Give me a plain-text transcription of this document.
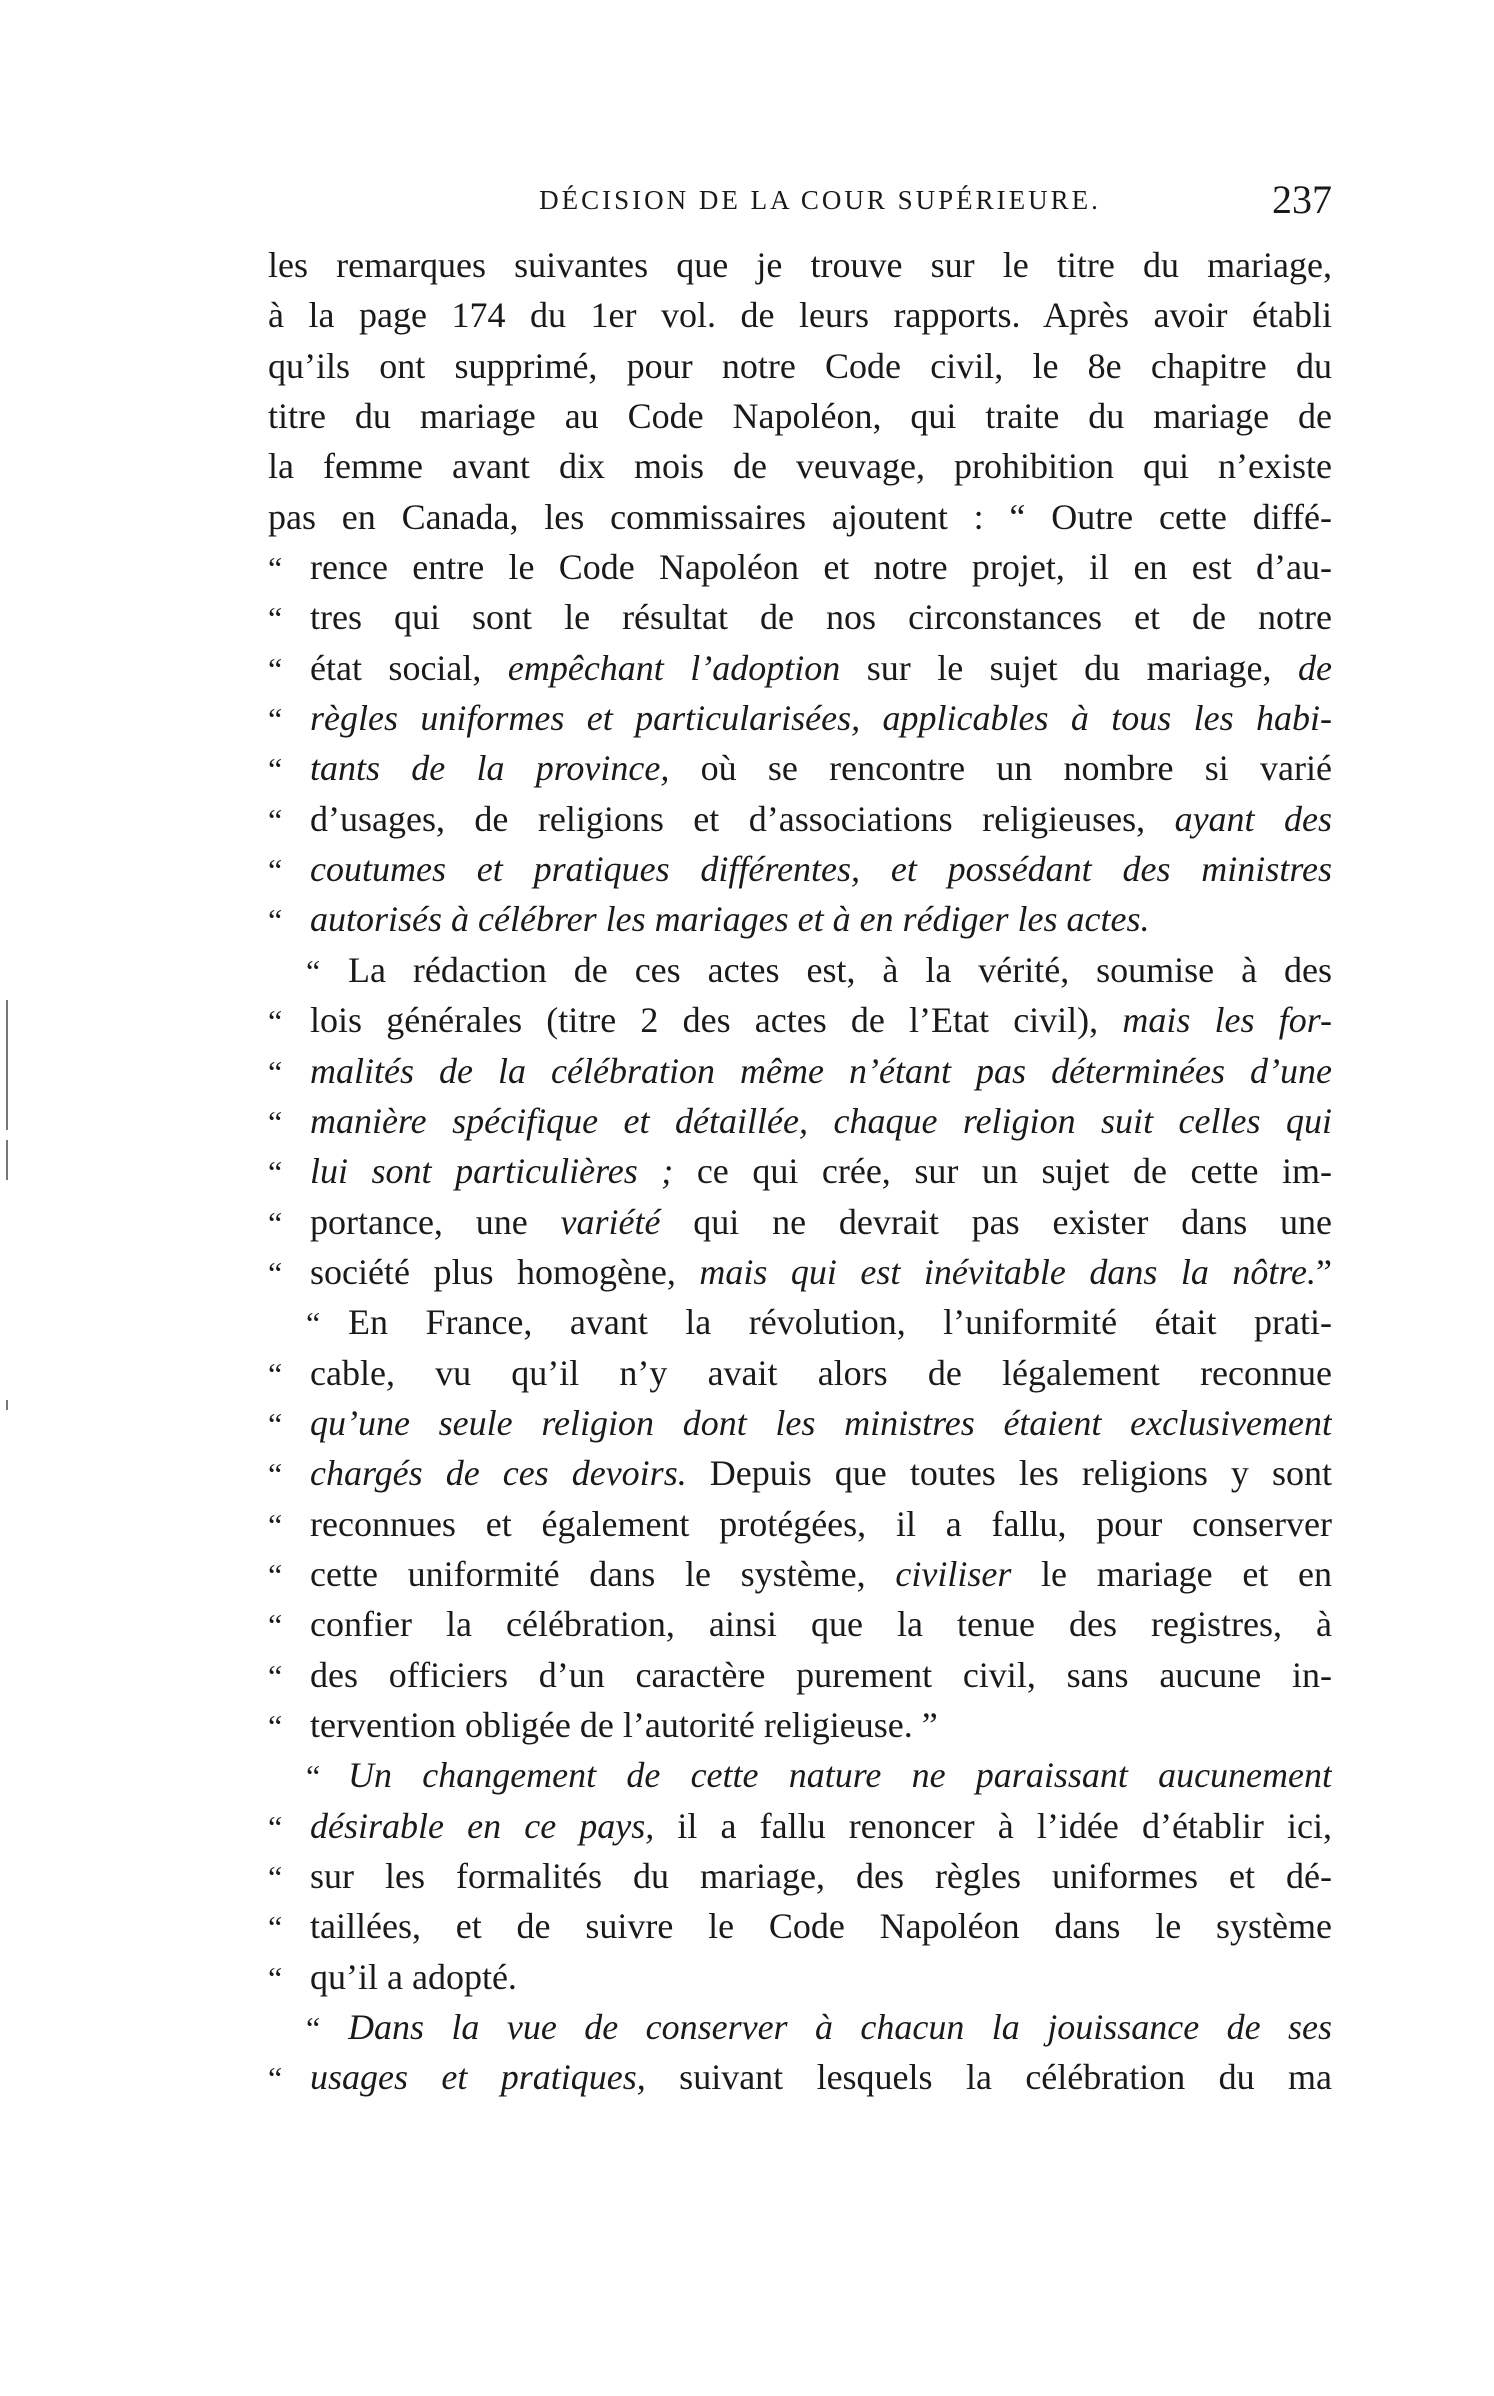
DÉCISION DE LA COUR SUPÉRIEURE.	237
les remarques suivantes que je trouve sur le titre du mariage,
à la page 174 du 1er vol. de leurs rapports. Après avoir établi
qu’ils ont supprimé, pour notre Code civil, le 8e chapitre du
titre du mariage au Code Napoléon, qui traite du mariage de
la femme avant dix mois de veuvage, prohibition qui n’existe
pas en Canada, les commissaires ajoutent : “ Outre cette diffé-
“ rence entre le Code Napoléon et notre projet, il en est d’au-
“ tres qui sont le résultat de nos circonstances et de notre
“ état social, empêchant l’adoption sur le sujet du mariage, de
“ règles uniformes et particularisées, applicables à tous les habi-
“ tants de la province, où se rencontre un nombre si varié
“ d’usages, de religions et d’associations religieuses, ayant des
“ coutumes et pratiques différentes, et possédant des ministres
“ autorisés à célébrer les mariages et à en rédiger les actes.
“ La rédaction de ces actes est, à la vérité, soumise à des
“ lois générales (titre 2 des actes de l’Etat civil), mais les for-
“ malités de la célébration même n’étant pas déterminées d’une
“ manière spécifique et détaillée, chaque religion suit celles qui
“ lui sont particulières ; ce qui crée, sur un sujet de cette im-
“ portance, une variété qui ne devrait pas exister dans une
“ société plus homogène, mais qui est inévitable dans la nôtre.”
“ En France, avant la révolution, l’uniformité était prati-
“ cable, vu qu’il n’y avait alors de légalement reconnue
“ qu’une seule religion dont les ministres étaient exclusivement
“ chargés de ces devoirs. Depuis que toutes les religions y sont
“ reconnues et également protégées, il a fallu, pour conserver
“ cette uniformité dans le système, civiliser le mariage et en
“ confier la célébration, ainsi que la tenue des registres, à
“ des officiers d’un caractère purement civil, sans aucune in-
“ tervention obligée de l’autorité religieuse. ”
“ Un changement de cette nature ne paraissant aucunement
“ désirable en ce pays, il a fallu renoncer à l’idée d’établir ici,
“ sur les formalités du mariage, des règles uniformes et dé-
“ taillées, et de suivre le Code Napoléon dans le système
“ qu’il a adopté.
“ Dans la vue de conserver à chacun la jouissance de ses
“ usages et pratiques, suivant lesquels la célébration du ma
